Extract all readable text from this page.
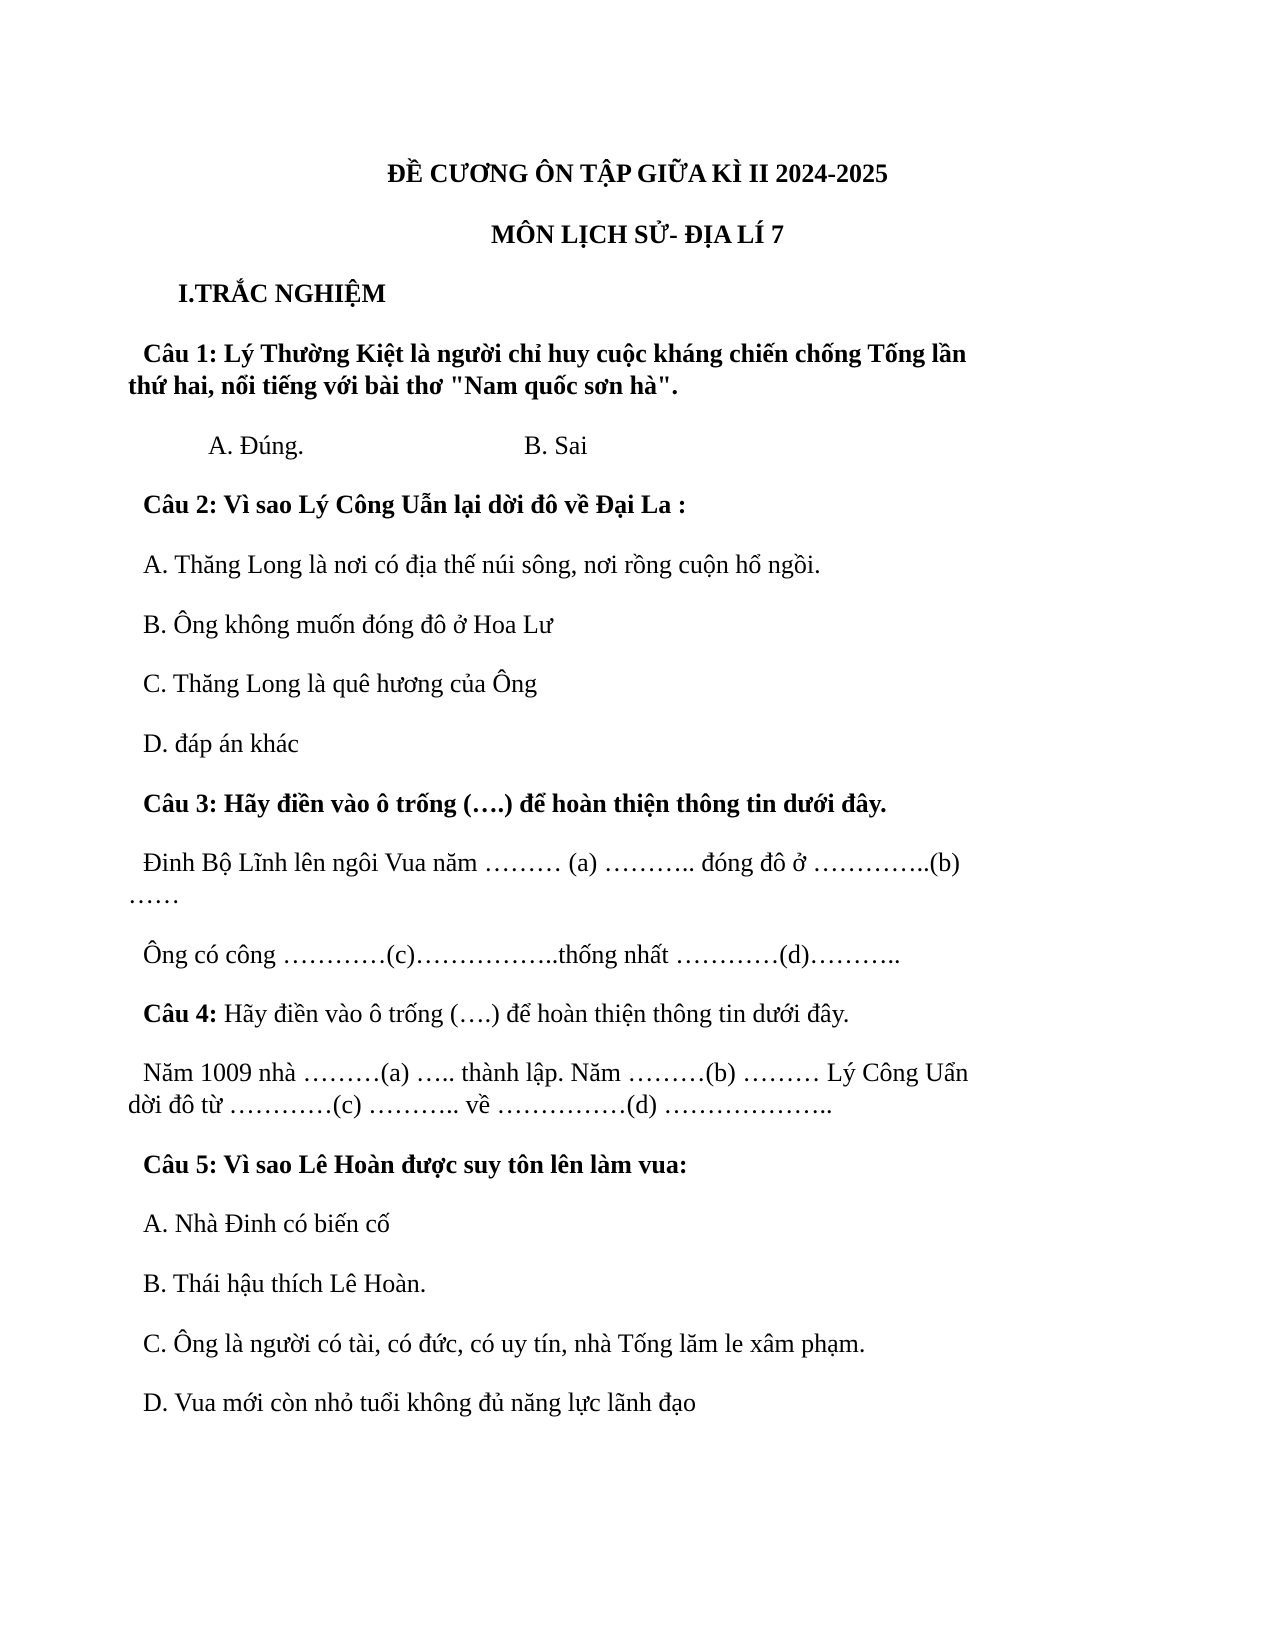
ĐỀ CƯƠNG ÔN TẬP GIỮA KÌ II 2024-2025
MÔN LỊCH SỬ- ĐỊA LÍ 7
I.TRẮC NGHIỆM
Câu 1: Lý Thường Kiệt là người chỉ huy cuộc kháng chiến chống Tống lần
thứ hai, nổi tiếng với bài thơ "Nam quốc sơn hà".
A. Đúng.	B. Sai
Câu 2: Vì sao Lý Công Uẫn lại dời đô về Đại La :
A. Thăng Long là nơi có địa thế núi sông, nơi rồng cuộn hổ ngồi.
B. Ông không muốn đóng đô ở Hoa Lư
C. Thăng Long là quê hương của Ông
D. đáp án khác
Câu 3: Hãy điền vào ô trống (….) để hoàn thiện thông tin dưới đây.
Đinh Bộ Lĩnh lên ngôi Vua năm ……… (a) ……….. đóng đô ở …………..(b)
……
Ông có công …………(c)……………..thống nhất …………(d)………..
Câu 4: Hãy điền vào ô trống (….) để hoàn thiện thông tin dưới đây.
Năm 1009 nhà ………(a) ….. thành lập. Năm ………(b) ……… Lý Công Uẩn
dời đô từ …………(c) ……….. về ……………(d) ………………..
Câu 5: Vì sao Lê Hoàn được suy tôn lên làm vua:
A. Nhà Đinh có biến cố
B. Thái hậu thích Lê Hoàn.
C. Ông là người có tài, có đức, có uy tín, nhà Tống lăm le xâm phạm.
D. Vua mới còn nhỏ tuổi không đủ năng lực lãnh đạo
